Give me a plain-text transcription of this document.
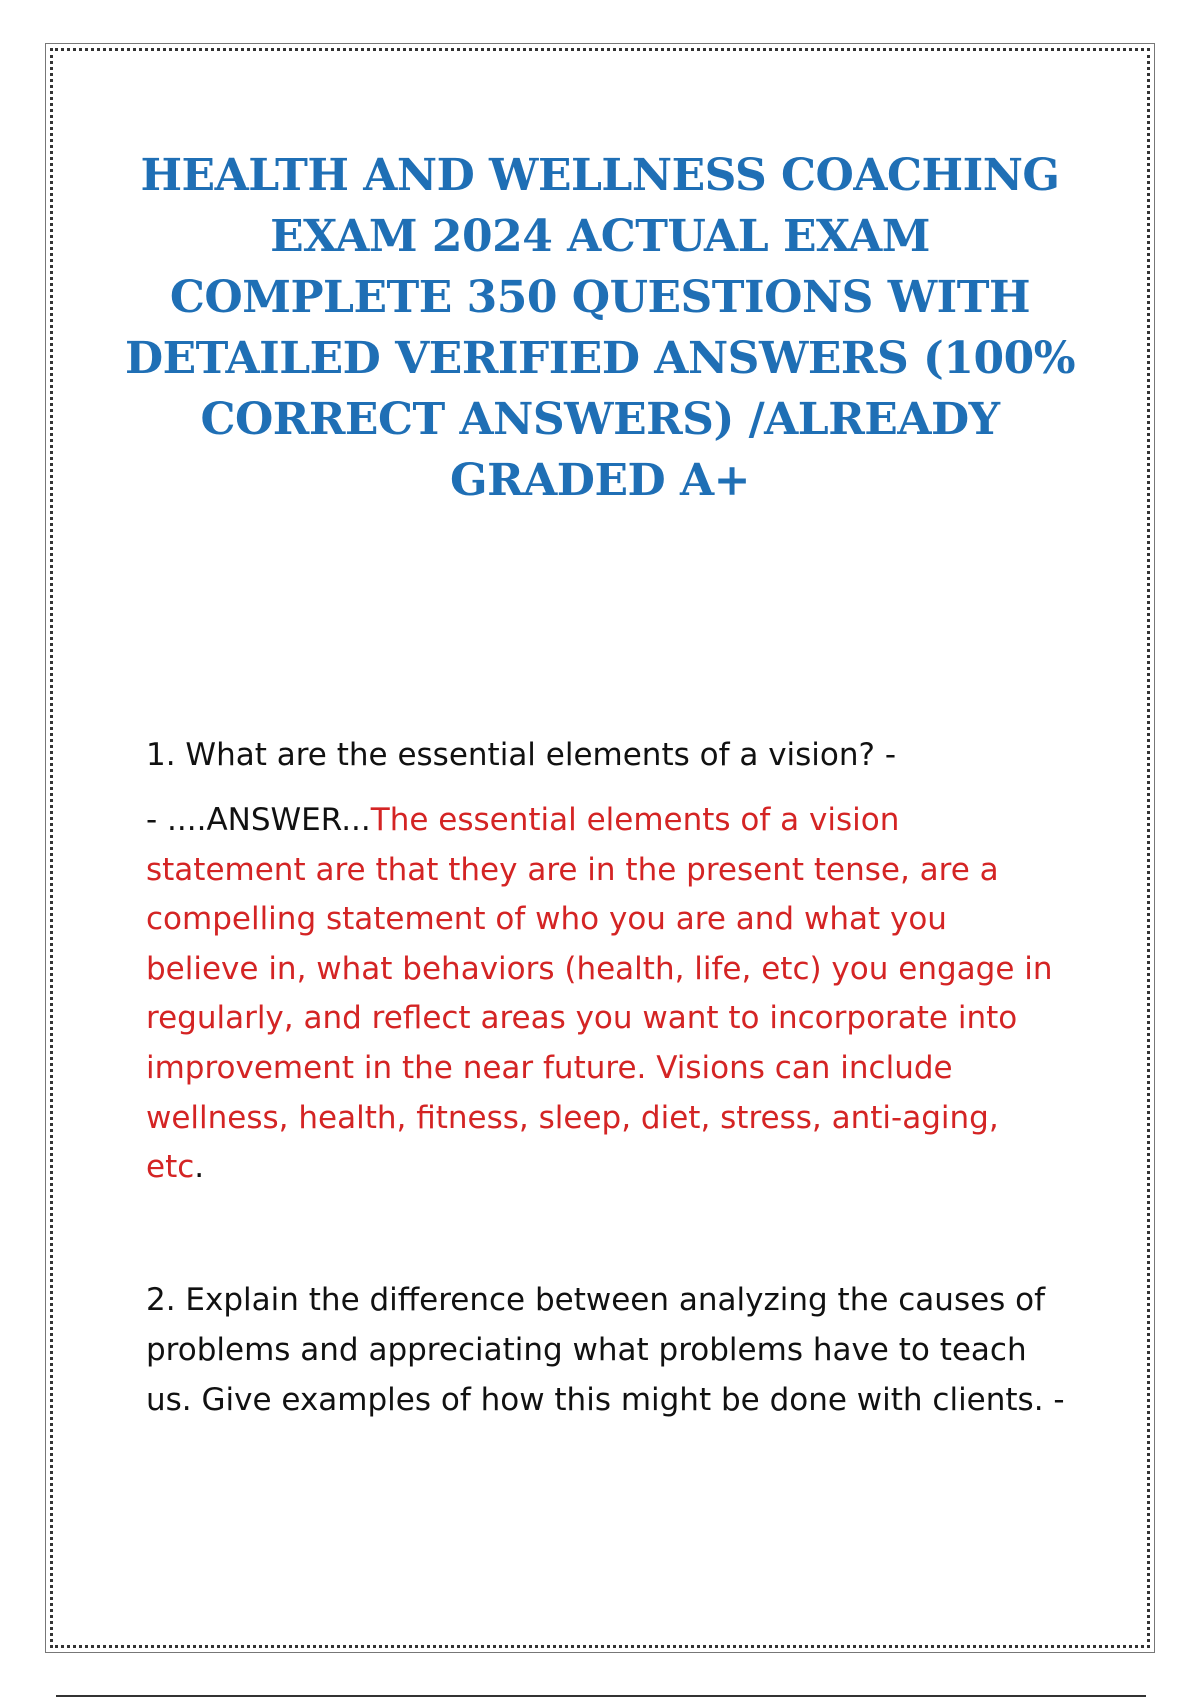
HEALTH AND WELLNESS COACHING
EXAM 2024 ACTUAL EXAM
COMPLETE 350 QUESTIONS WITH
DETAILED VERIFIED ANSWERS (100%
CORRECT ANSWERS) /ALREADY
GRADED A+

1. What are the essential elements of a vision? -

- ....ANSWER...The essential elements of a vision statement are that they are in the present tense, are a compelling statement of who you are and what you believe in, what behaviors (health, life, etc) you engage in regularly, and reflect areas you want to incorporate into improvement in the near future. Visions can include wellness, health, fitness, sleep, diet, stress, anti-aging, etc.

2. Explain the difference between analyzing the causes of problems and appreciating what problems have to teach us. Give examples of how this might be done with clients. -
